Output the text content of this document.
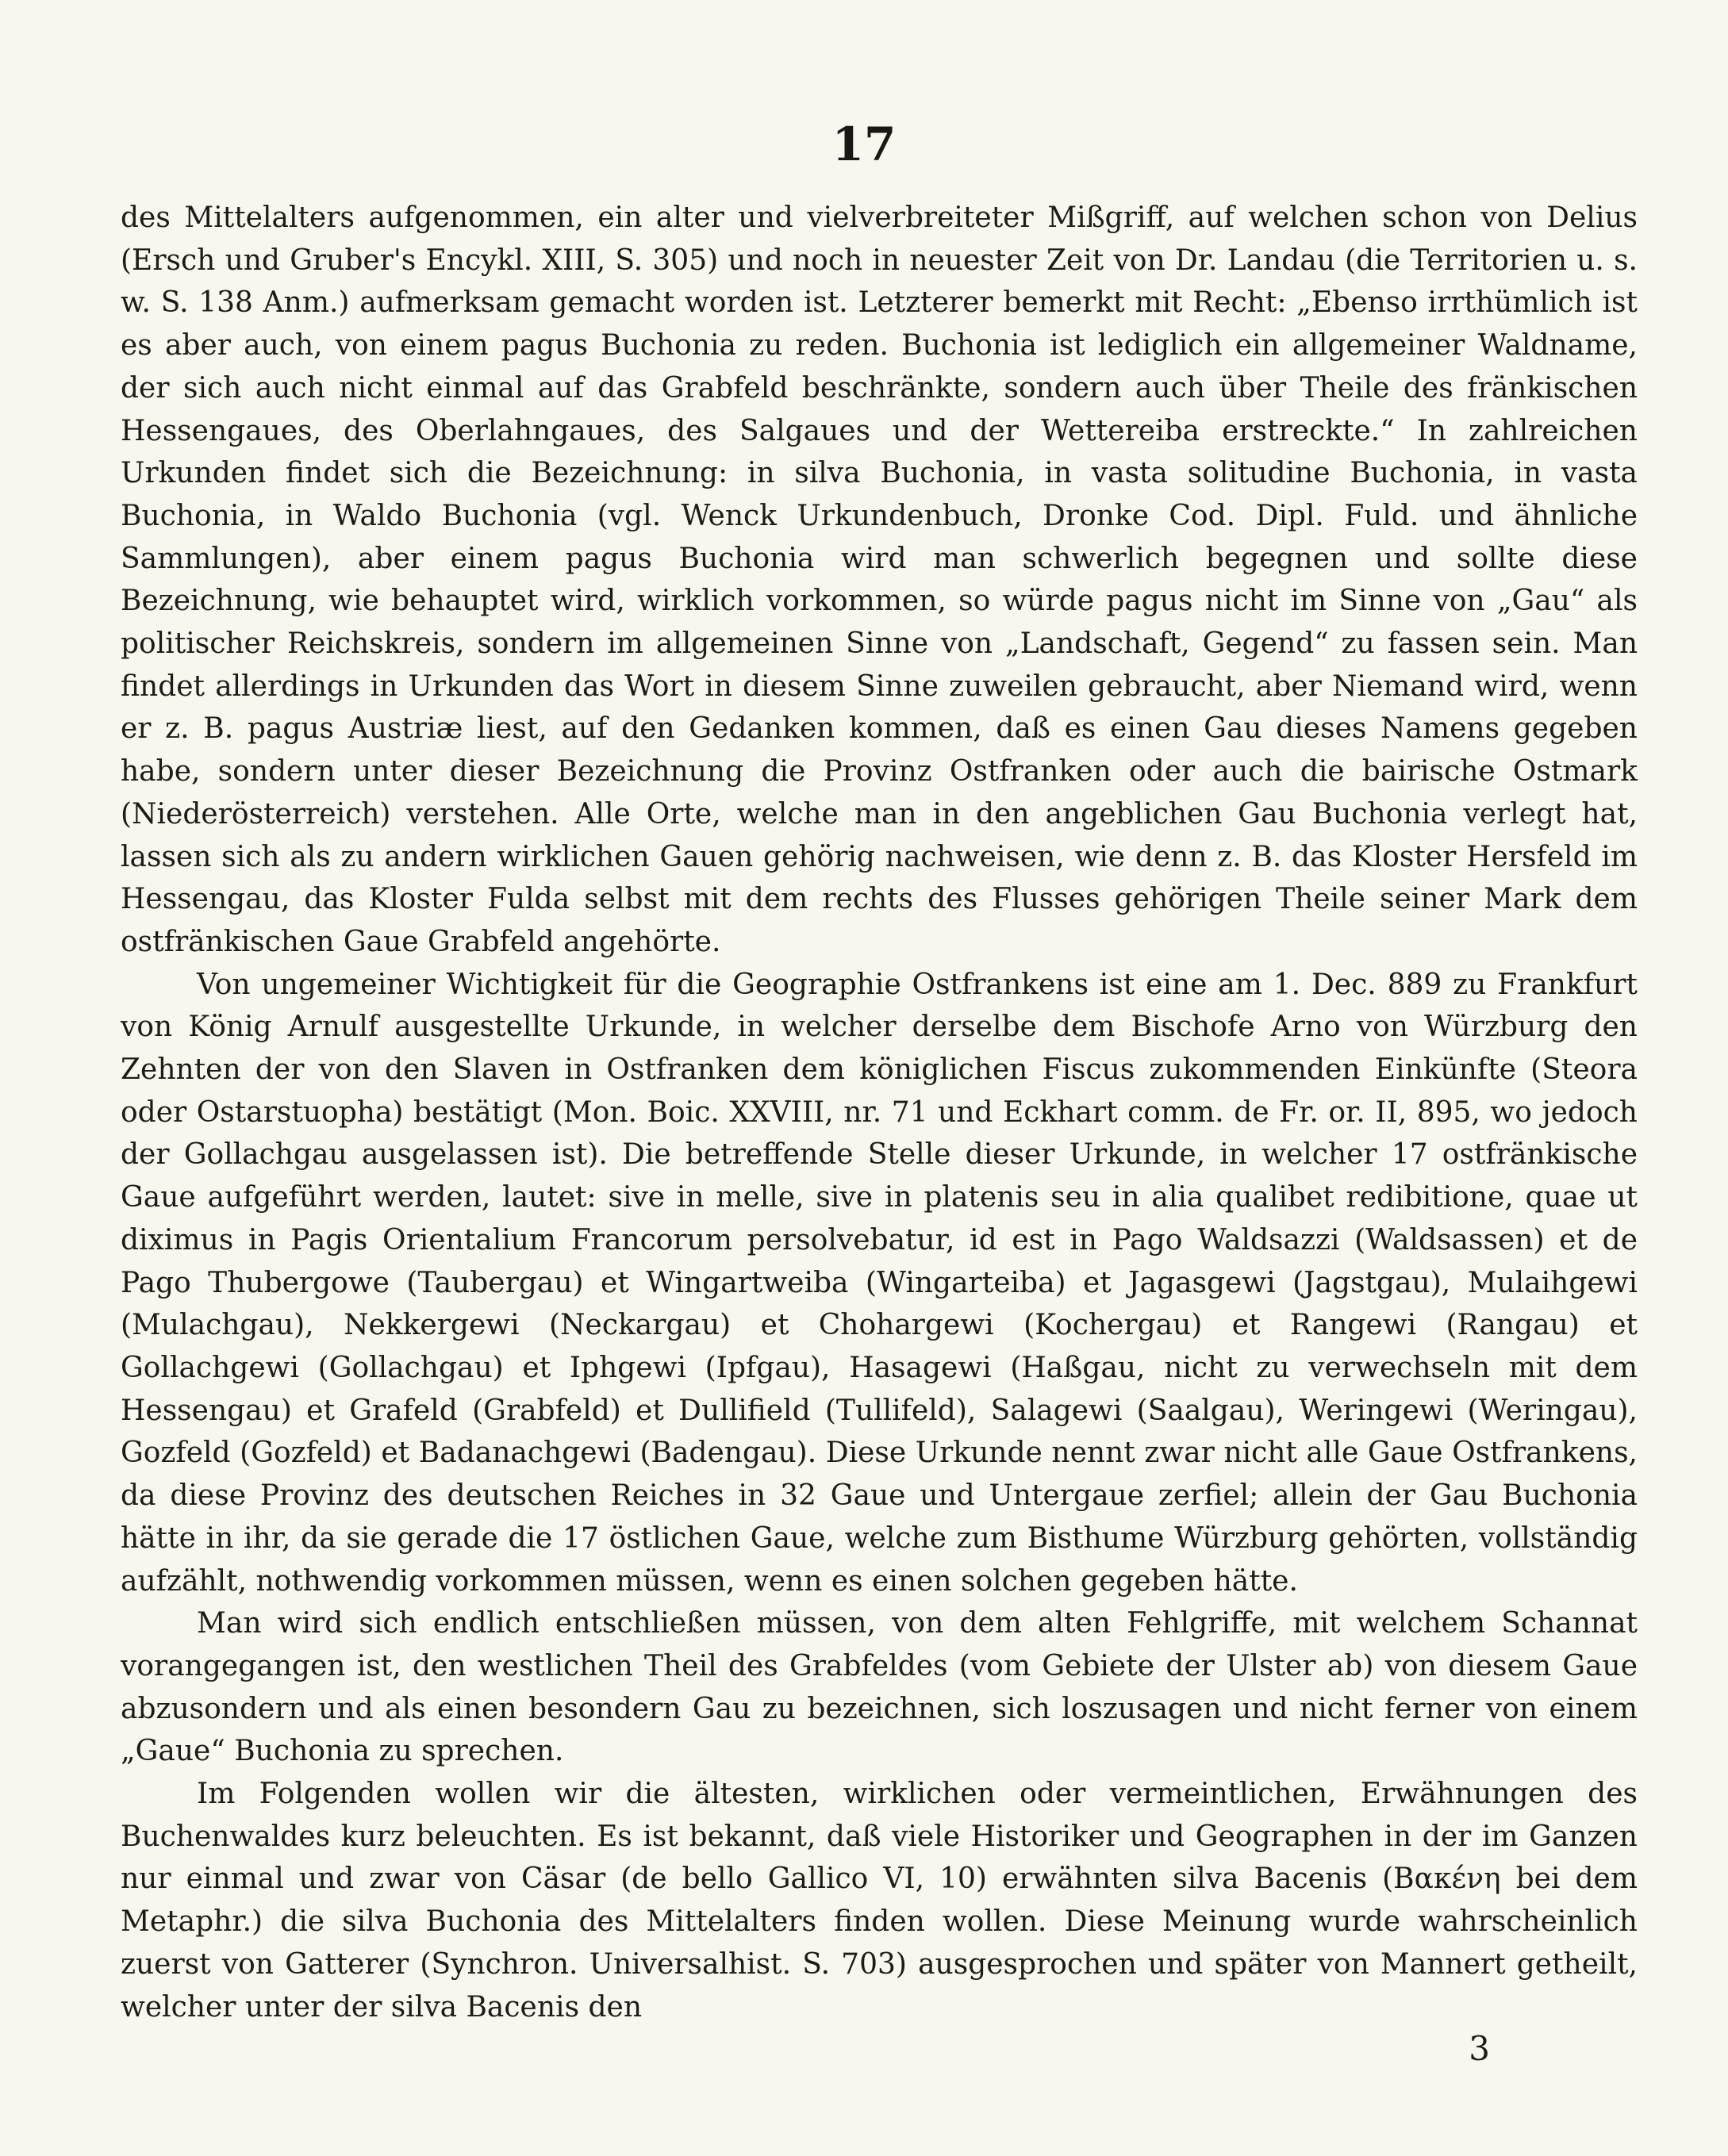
17

des Mittelalters aufgenommen, ein alter und vielverbreiteter Mißgriff, auf welchen schon von Delius (Ersch und Gruber's Encykl. XIII, S. 305) und noch in neuester Zeit von Dr. Landau (die Territorien u. s. w. S. 138 Anm.) aufmerksam gemacht worden ist. Letzterer bemerkt mit Recht: „Ebenso irrthümlich ist es aber auch, von einem pagus Buchonia zu reden. Buchonia ist lediglich ein allgemeiner Waldname, der sich auch nicht einmal auf das Grabfeld beschränkte, sondern auch über Theile des fränkischen Hessengaues, des Oberlahngaues, des Salgaues und der Wettereiba erstreckte.“ In zahlreichen Urkunden findet sich die Bezeichnung: in silva Buchonia, in vasta solitudine Buchonia, in vasta Buchonia, in Waldo Buchonia (vgl. Wenck Urkundenbuch, Dronke Cod. Dipl. Fuld. und ähnliche Sammlungen), aber einem pagus Buchonia wird man schwerlich begegnen und sollte diese Bezeichnung, wie behauptet wird, wirklich vorkommen, so würde pagus nicht im Sinne von „Gau“ als politischer Reichskreis, sondern im allgemeinen Sinne von „Landschaft, Gegend“ zu fassen sein. Man findet allerdings in Urkunden das Wort in diesem Sinne zuweilen gebraucht, aber Niemand wird, wenn er z. B. pagus Austriæ liest, auf den Gedanken kommen, daß es einen Gau dieses Namens gegeben habe, sondern unter dieser Bezeichnung die Provinz Ostfranken oder auch die bairische Ostmark (Niederösterreich) verstehen. Alle Orte, welche man in den angeblichen Gau Buchonia verlegt hat, lassen sich als zu andern wirklichen Gauen gehörig nachweisen, wie denn z. B. das Kloster Hersfeld im Hessengau, das Kloster Fulda selbst mit dem rechts des Flusses gehörigen Theile seiner Mark dem ostfränkischen Gaue Grabfeld angehörte.

Von ungemeiner Wichtigkeit für die Geographie Ostfrankens ist eine am 1. Dec. 889 zu Frankfurt von König Arnulf ausgestellte Urkunde, in welcher derselbe dem Bischofe Arno von Würzburg den Zehnten der von den Slaven in Ostfranken dem königlichen Fiscus zukommenden Einkünfte (Steora oder Ostarstuopha) bestätigt (Mon. Boic. XXVIII, nr. 71 und Eckhart comm. de Fr. or. II, 895, wo jedoch der Gollachgau ausgelassen ist). Die betreffende Stelle dieser Urkunde, in welcher 17 ostfränkische Gaue aufgeführt werden, lautet: sive in melle, sive in platenis seu in alia qualibet redibitione, quae ut diximus in Pagis Orientalium Francorum persolvebatur, id est in Pago Waldsazzi (Waldsassen) et de Pago Thubergowe (Taubergau) et Wingartweiba (Wingarteiba) et Jagasgewi (Jagstgau), Mulaihgewi (Mulachgau), Nekkergewi (Neckargau) et Chohargewi (Kochergau) et Rangewi (Rangau) et Gollachgewi (Gollachgau) et Iphgewi (Ipfgau), Hasagewi (Haßgau, nicht zu verwechseln mit dem Hessengau) et Grafeld (Grabfeld) et Dullifield (Tullifeld), Salagewi (Saalgau), Weringewi (Weringau), Gozfeld (Gozfeld) et Badanachgewi (Badengau). Diese Urkunde nennt zwar nicht alle Gaue Ostfrankens, da diese Provinz des deutschen Reiches in 32 Gaue und Untergaue zerfiel; allein der Gau Buchonia hätte in ihr, da sie gerade die 17 östlichen Gaue, welche zum Bisthume Würzburg gehörten, vollständig aufzählt, nothwendig vorkommen müssen, wenn es einen solchen gegeben hätte.

Man wird sich endlich entschließen müssen, von dem alten Fehlgriffe, mit welchem Schannat vorangegangen ist, den westlichen Theil des Grabfeldes (vom Gebiete der Ulster ab) von diesem Gaue abzusondern und als einen besondern Gau zu bezeichnen, sich loszusagen und nicht ferner von einem „Gaue“ Buchonia zu sprechen.

Im Folgenden wollen wir die ältesten, wirklichen oder vermeintlichen, Erwähnungen des Buchenwaldes kurz beleuchten. Es ist bekannt, daß viele Historiker und Geographen in der im Ganzen nur einmal und zwar von Cäsar (de bello Gallico VI, 10) erwähnten silva Bacenis (Βακένη bei dem Metaphr.) die silva Buchonia des Mittelalters finden wollen. Diese Meinung wurde wahrscheinlich zuerst von Gatterer (Synchron. Universalhist. S. 703) ausgesprochen und später von Mannert getheilt, welcher unter der silva Bacenis den

3
